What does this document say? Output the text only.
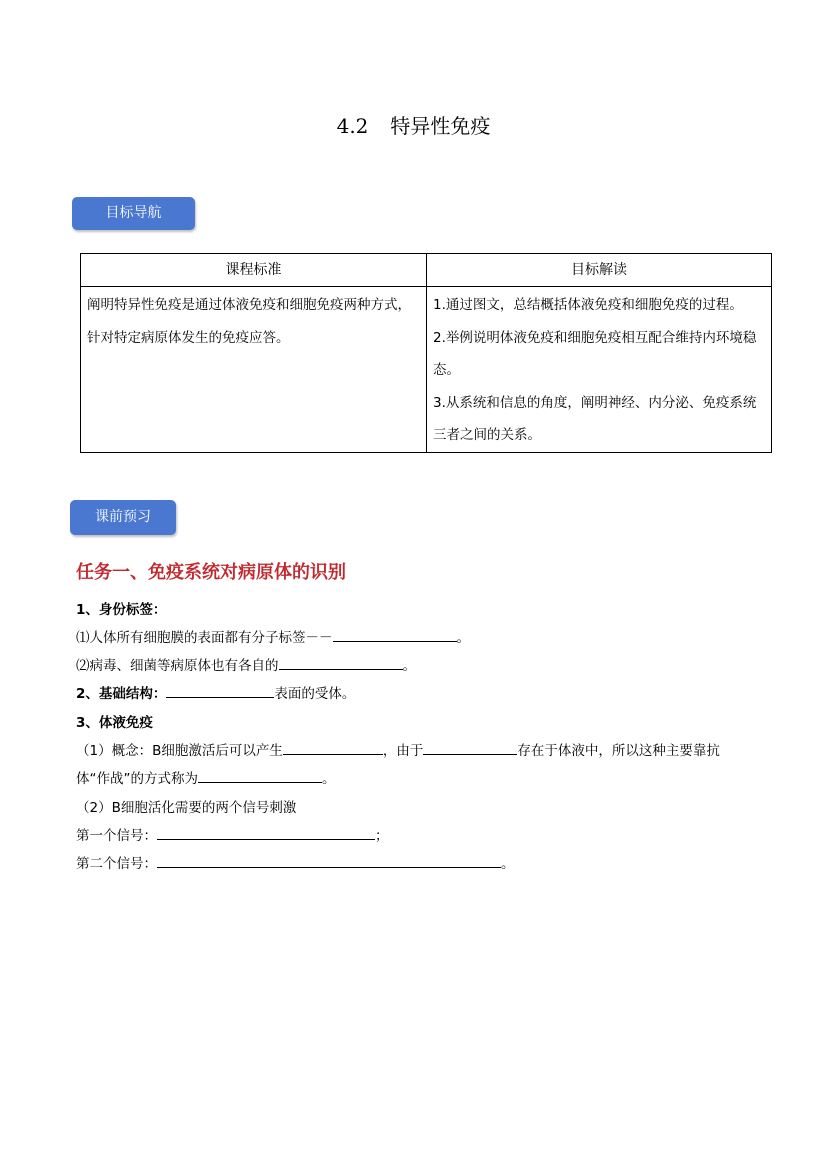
4.2 特异性免疫
目标导航
课程标准	目标解读
阐明特异性免疫是通过体液免疫和细胞免疫两种方式，针对特定病原体发生的免疫应答。	1.通过图文，总结概括体液免疫和细胞免疫的过程。

2.举例说明体液免疫和细胞免疫相互配合维持内环境稳态。

3.从系统和信息的角度，阐明神经、内分泌、免疫系统三者之间的关系。

课前预习
任务一、免疫系统对病原体的识别
1、身份标签：
⑴人体所有细胞膜的表面都有分子标签－－	。
⑵病毒、细菌等病原体也有各自的	。
2、基础结构：	表面的受体。
3、体液免疫
（1）概念：B细胞激活后可以产生	，由于	存在于体液中，所以这种主要靠抗
体“作战”的方式称为	。
（2）B细胞活化需要的两个信号刺激
第一个信号：	；
第二个信号：	。
